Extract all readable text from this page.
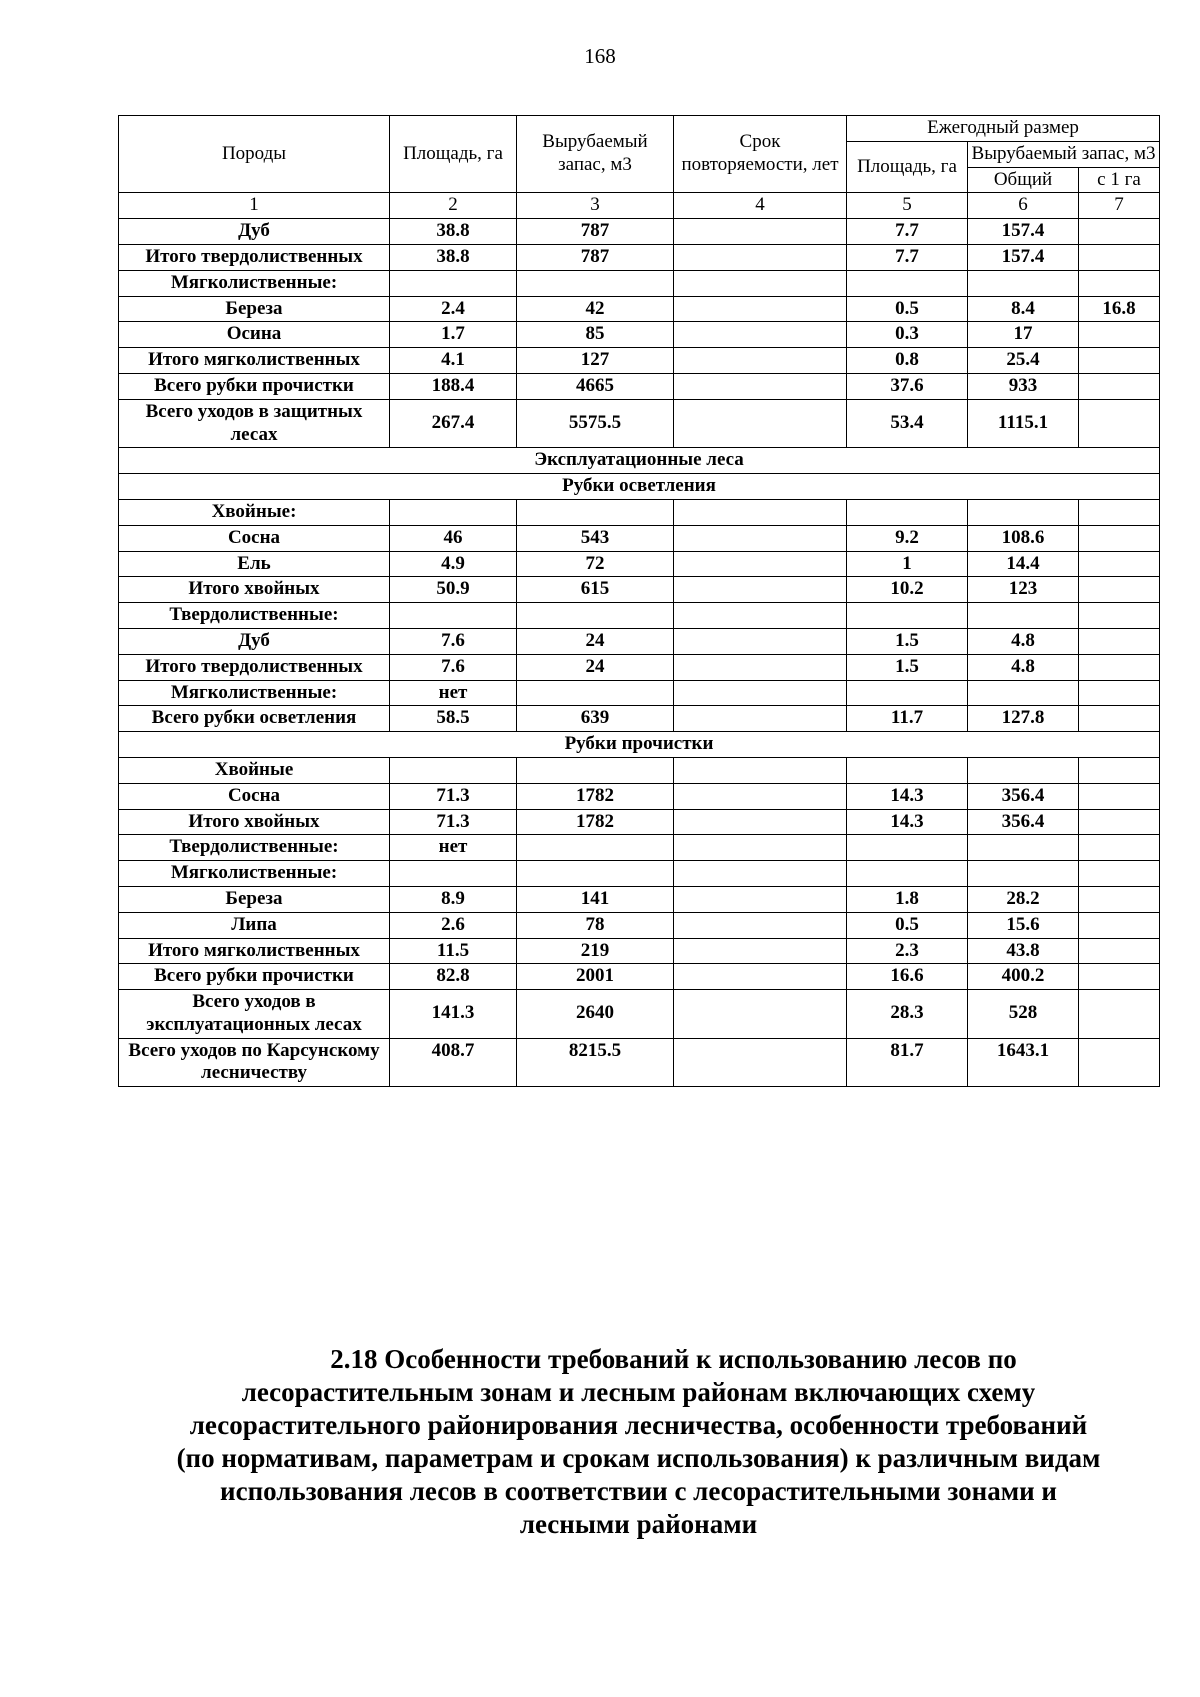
168
Породы	Площадь, га	Вырубаемый запас, м3	Срок повторяемости, лет	Ежегодный размер		
				Площадь, га	Вырубаемый запас, м3	
					Общий	с 1 га
1	2	3	4	5	6	7
Дуб	38.8	787		7.7	157.4	
Итого твердолиственных	38.8	787		7.7	157.4	
Мягколиственные:						
Береза	2.4	42		0.5	8.4	16.8
Осина	1.7	85		0.3	17	
Итого мягколиственных	4.1	127		0.8	25.4	
Всего рубки прочистки	188.4	4665		37.6	933	
Всего уходов в защитных лесах	267.4	5575.5		53.4	1115.1	
Эксплуатационные леса						
Рубки осветления						
Хвойные:						
Сосна	46	543		9.2	108.6	
Ель	4.9	72		1	14.4	
Итого хвойных	50.9	615		10.2	123	
Твердолиственные:						
Дуб	7.6	24		1.5	4.8	
Итого твердолиственных	7.6	24		1.5	4.8	
Мягколиственные:	нет					
Всего рубки осветления	58.5	639		11.7	127.8	
Рубки прочистки						
Хвойные						
Сосна	71.3	1782		14.3	356.4	
Итого хвойных	71.3	1782		14.3	356.4	
Твердолиственные:	нет					
Мягколиственные:						
Береза	8.9	141		1.8	28.2	
Липа	2.6	78		0.5	15.6	
Итого мягколиственных	11.5	219		2.3	43.8	
Всего рубки прочистки	82.8	2001		16.6	400.2	
Всего уходов в эксплуатационных лесах	141.3	2640		28.3	528	
Всего уходов по Карсунскому лесничеству	408.7	8215.5		81.7	1643.1	
2.18 Особенности требований к использованию лесов по
лесорастительным зонам и лесным районам включающих схему
лесорастительного районирования лесничества, особенности требований
(по нормативам, параметрам и срокам использования) к различным видам
использования лесов в соответствии с лесорастительными зонами и
лесными районами
